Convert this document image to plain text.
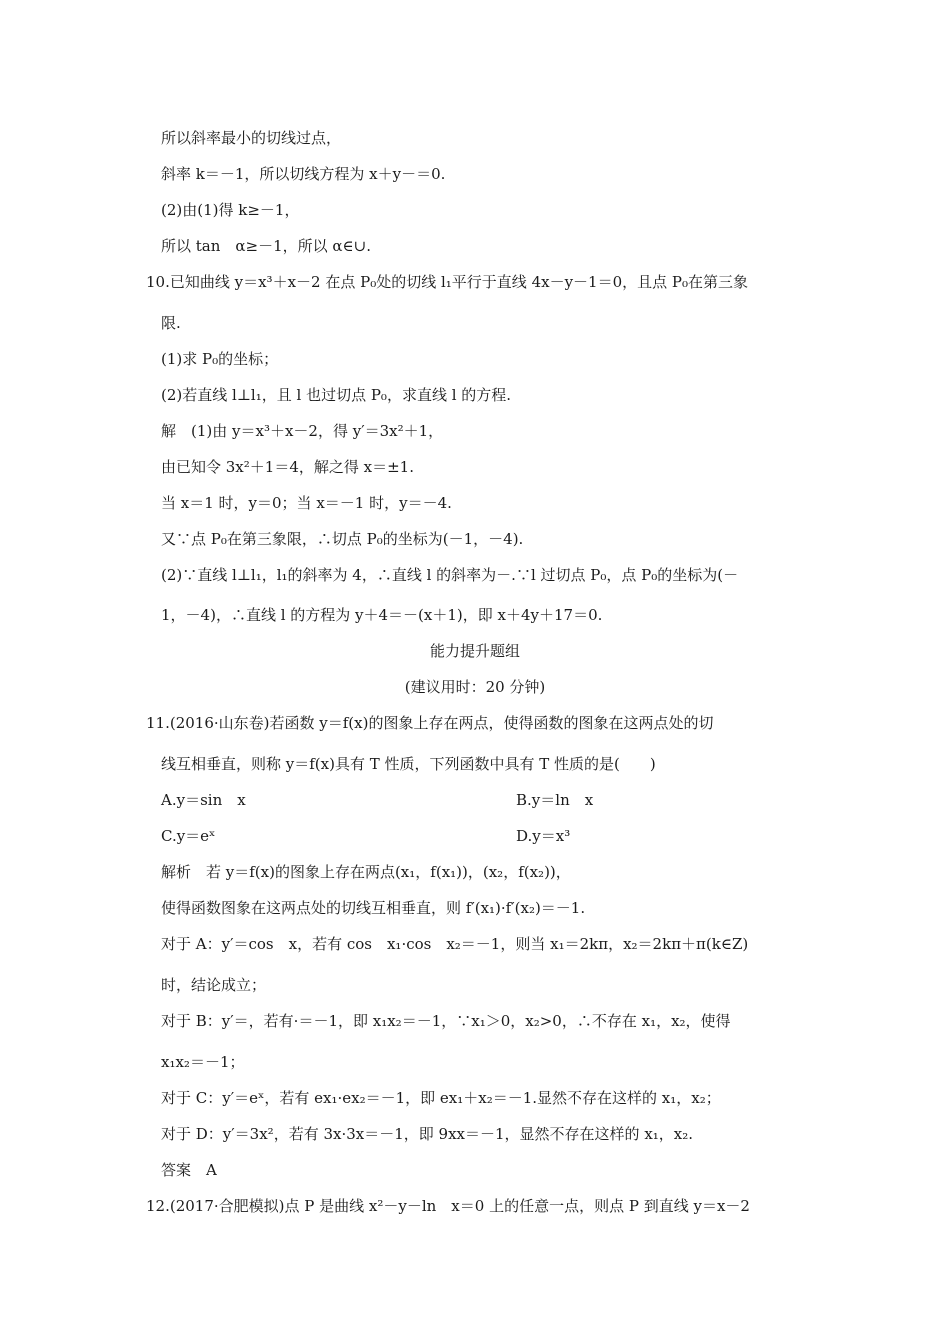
所以斜率最小的切线过点，
斜率 k＝－1，所以切线方程为 x＋y－＝0.
(2)由(1)得 k≥－1，
所以 tan　α≥－1，所以 α∈∪.
10.已知曲线 y＝x³＋x－2 在点 P₀处的切线 l₁平行于直线 4x－y－1＝0，且点 P₀在第三象
限.
(1)求 P₀的坐标；
(2)若直线 l⊥l₁，且 l 也过切点 P₀，求直线 l 的方程.
解　(1)由 y＝x³＋x－2，得 y′＝3x²＋1，
由已知令 3x²＋1＝4，解之得 x＝±1.
当 x＝1 时，y＝0；当 x＝－1 时，y＝－4.
又∵点 P₀在第三象限，∴切点 P₀的坐标为(－1，－4).
(2)∵直线 l⊥l₁，l₁的斜率为 4，∴直线 l 的斜率为－.∵l 过切点 P₀，点 P₀的坐标为(－
1，－4)，∴直线 l 的方程为 y＋4＝－(x＋1)，即 x＋4y＋17＝0.
能力提升题组
(建议用时：20 分钟)
11.(2016·山东卷)若函数 y＝f(x)的图象上存在两点，使得函数的图象在这两点处的切
线互相垂直，则称 y＝f(x)具有 T 性质，下列函数中具有 T 性质的是(　　)
A.y＝sin　x	B.y＝ln　x
C.y＝eˣ	D.y＝x³
解析　若 y＝f(x)的图象上存在两点(x₁，f(x₁))，(x₂，f(x₂))，
使得函数图象在这两点处的切线互相垂直，则 f′(x₁)·f′(x₂)＝－1.
对于 A：y′＝cos　x，若有 cos　x₁·cos　x₂＝－1，则当 x₁＝2kπ，x₂＝2kπ＋π(k∈Z)
时，结论成立；
对于 B：y′＝，若有·＝－1，即 x₁x₂＝－1，∵x₁＞0，x₂>0，∴不存在 x₁，x₂，使得
x₁x₂＝－1；
对于 C：y′＝eˣ，若有 ex₁·ex₂＝－1，即 ex₁＋x₂＝－1.显然不存在这样的 x₁，x₂；
对于 D：y′＝3x²，若有 3x·3x＝－1，即 9xx＝－1，显然不存在这样的 x₁，x₂.
答案　A
12.(2017·合肥模拟)点 P 是曲线 x²－y－ln　x＝0 上的任意一点，则点 P 到直线 y＝x－2
